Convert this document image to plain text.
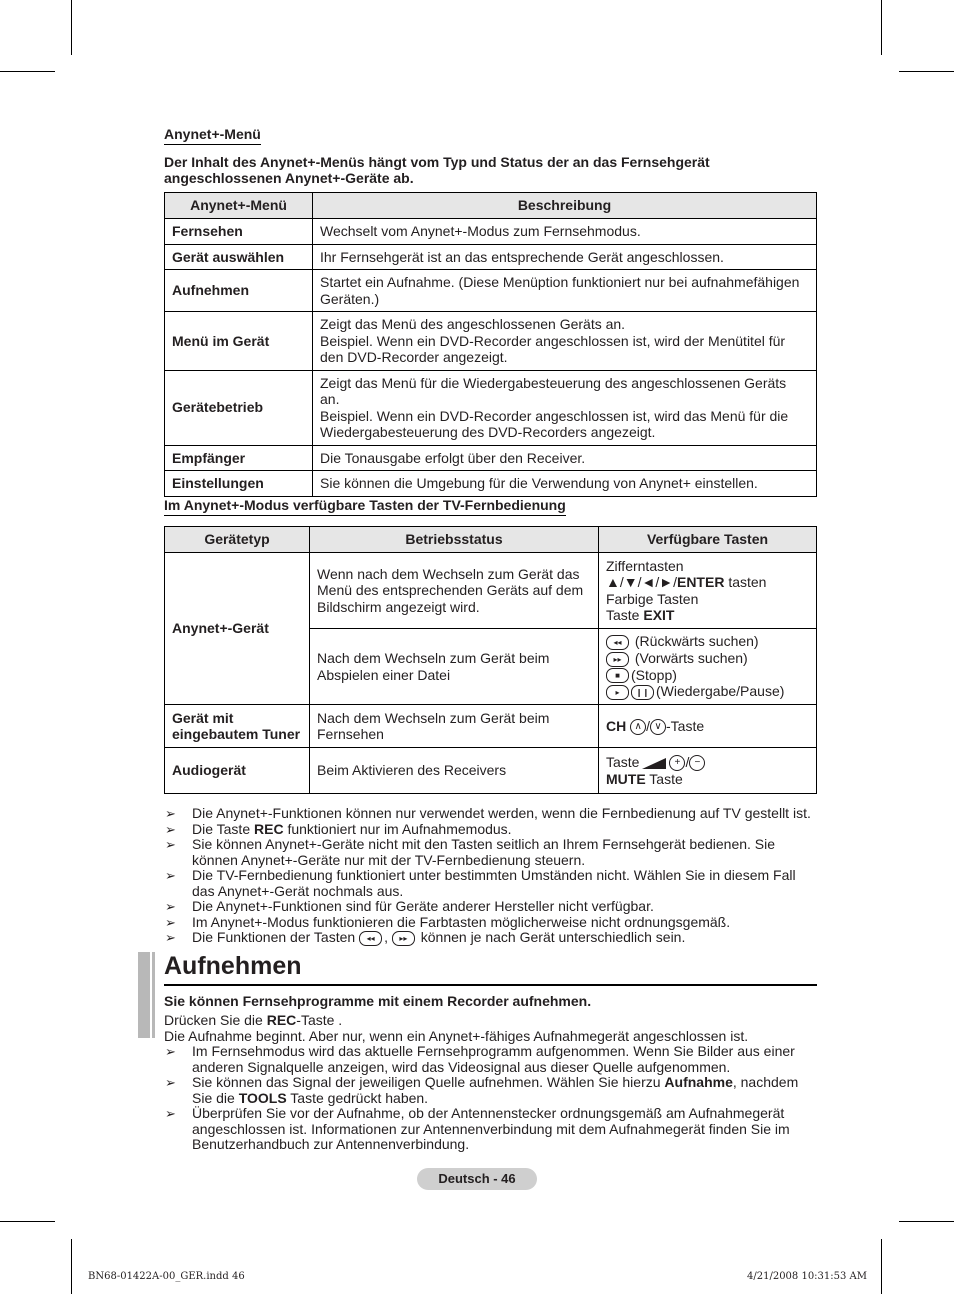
Anynet+-Menü
Der Inhalt des Anynet+-Menüs hängt vom Typ und Status der an das Fernsehgerät angeschlossenen Anynet+-Geräte ab.
Anynet+-Menü	Beschreibung
Fernsehen	Wechselt vom Anynet+-Modus zum Fernsehmodus.

Gerät auswählen	Ihr Fernsehgerät ist an das entsprechende Gerät angeschlossen.

Aufnehmen	Startet ein Aufnahme. (Diese Menüption funktioniert nur bei aufnahmefähigen Geräten.)

Menü im Gerät	Zeigt das Menü des angeschlossenen Geräts an.
Beispiel. Wenn ein DVD-Recorder angeschlossen ist, wird der Menütitel für den DVD-Recorder angezeigt.

Gerätebetrieb	Zeigt das Menü für die Wiedergabesteuerung des angeschlossenen Geräts an.
Beispiel. Wenn ein DVD-Recorder angeschlossen ist, wird das Menü für die Wiedergabesteuerung des DVD-Recorders angezeigt.

Empfänger	Die Tonausgabe erfolgt über den Receiver.

Einstellungen	Sie können die Umgebung für die Verwendung von Anynet+ einstellen.
Im Anynet+-Modus verfügbare Tasten der TV-Fernbedienung
Gerätetyp	Betriebsstatus	Verfügbare Tasten
Anynet+-Gerät	Wenn nach dem Wechseln zum Gerät das Menü des entsprechenden Geräts auf dem Bildschirm angezeigt wird.	Zifferntasten
▲/▼/◄/►/ENTER tasten
Farbige Tasten
Taste EXIT

	Nach dem Wechseln zum Gerät beim Abspielen einer Datei	◂◂ (Rückwärts suchen)
▸▸ (Vorwärts suchen)
■ (Stopp)
▸ ❙❙ (Wiedergabe/Pause)

Gerät mit eingebautem Tuner	Nach dem Wechseln zum Gerät beim Fernsehen	CH ∧ / ∨ -Taste
Audiogerät	Beim Aktivieren des Receivers	Taste + / −
MUTE Taste
➢ Die Anynet+-Funktionen können nur verwendet werden, wenn die Fernbedienung auf TV gestellt ist.
➢ Die Taste REC funktioniert nur im Aufnahmemodus.
➢ Sie können Anynet+-Geräte nicht mit den Tasten seitlich an Ihrem Fernsehgerät bedienen. Sie können Anynet+-Geräte nur mit der TV-Fernbedienung steuern.
➢ Die TV-Fernbedienung funktioniert unter bestimmten Umständen nicht. Wählen Sie in diesem Fall das Anynet+-Gerät nochmals aus.
➢ Die Anynet+-Funktionen sind für Geräte anderer Hersteller nicht verfügbar.
➢ Im Anynet+-Modus funktionieren die Farbtasten möglicherweise nicht ordnungsgemäß.
➢ Die Funktionen der Tasten ◂◂ , ▸▸ können je nach Gerät unterschiedlich sein.
Aufnehmen
Sie können Fernsehprogramme mit einem Recorder aufnehmen.
Drücken Sie die REC-Taste .
Die Aufnahme beginnt. Aber nur, wenn ein Anynet+-fähiges Aufnahmegerät angeschlossen ist.
➢ Im Fernsehmodus wird das aktuelle Fernsehprogramm aufgenommen. Wenn Sie Bilder aus einer anderen Signalquelle anzeigen, wird das Videosignal aus dieser Quelle aufgenommen.
➢ Sie können das Signal der jeweiligen Quelle aufnehmen. Wählen Sie hierzu Aufnahme, nachdem Sie die TOOLS Taste gedrückt haben.
➢ Überprüfen Sie vor der Aufnahme, ob der Antennenstecker ordnungsgemäß am Aufnahmegerät angeschlossen ist. Informationen zur Antennenverbindung mit dem Aufnahmegerät finden Sie im Benutzerhandbuch zur Antennenverbindung.
Deutsch - 46
BN68-01422A-00_GER.indd 46	4/21/2008 10:31:53 AM
